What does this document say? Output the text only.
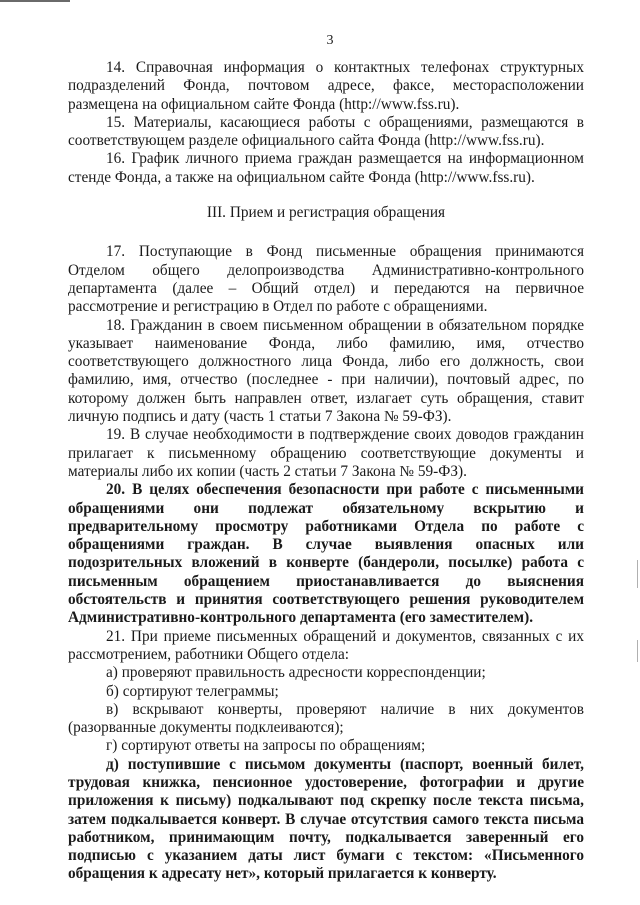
3

14. Справочная информация о контактных телефонах структурных подразделений Фонда, почтовом адресе, факсе, месторасположении размещена на официальном сайте Фонда (http://www.fss.ru).

15. Материалы, касающиеся работы с обращениями, размещаются в соответствующем разделе официального сайта Фонда (http://www.fss.ru).

16. График личного приема граждан размещается на информационном стенде Фонда, а также на официальном сайте Фонда (http://www.fss.ru).

III. Прием и регистрация обращения

17. Поступающие в Фонд письменные обращения принимаются Отделом общего делопроизводства Административно-контрольного департамента (далее – Общий отдел) и передаются на первичное рассмотрение и регистрацию в Отдел по работе с обращениями.

18. Гражданин в своем письменном обращении в обязательном порядке указывает наименование Фонда, либо фамилию, имя, отчество соответствующего должностного лица Фонда, либо его должность, свои фамилию, имя, отчество (последнее - при наличии), почтовый адрес, по которому должен быть направлен ответ, излагает суть обращения, ставит личную подпись и дату (часть 1 статьи 7 Закона № 59-ФЗ).

19. В случае необходимости в подтверждение своих доводов гражданин прилагает к письменному обращению соответствующие документы и материалы либо их копии (часть 2 статьи 7 Закона № 59-ФЗ).

20. В целях обеспечения безопасности при работе с письменными обращениями они подлежат обязательному вскрытию и предварительному просмотру работниками Отдела по работе с обращениями граждан. В случае выявления опасных или подозрительных вложений в конверте (бандероли, посылке) работа с письменным обращением приостанавливается до выяснения обстоятельств и принятия соответствующего решения руководителем Административно-контрольного департамента (его заместителем).

21. При приеме письменных обращений и документов, связанных с их рассмотрением, работники Общего отдела:

а) проверяют правильность адресности корреспонденции;

б) сортируют телеграммы;

в) вскрывают конверты, проверяют наличие в них документов (разорванные документы подклеиваются);

г) сортируют ответы на запросы по обращениям;

д) поступившие с письмом документы (паспорт, военный билет, трудовая книжка, пенсионное удостоверение, фотографии и другие приложения к письму) подкалывают под скрепку после текста письма, затем подкалывается конверт. В случае отсутствия самого текста письма работником, принимающим почту, подкалывается заверенный его подписью с указанием даты лист бумаги с текстом: «Письменного обращения к адресату нет», который прилагается к конверту.
